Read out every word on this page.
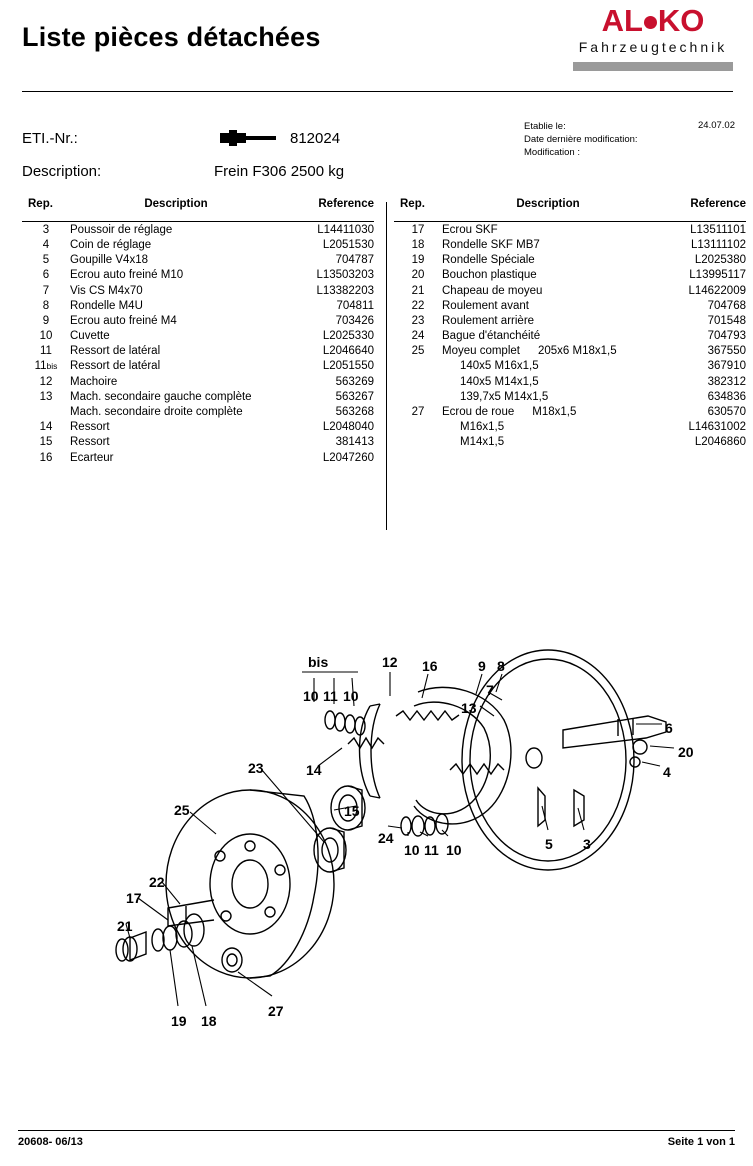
Liste pièces détachées	AL KO
Fahrzeugtechnik
ETI.-Nr.:	812024
Description:	Frein F306 2500 kg
Etablie le:
Date dernière modification:
Modification :
24.07.02
Rep.	Description	Reference

3	Poussoir de réglage	L14411030
4	Coin de réglage	L2051530
5	Goupille V4x18	704787
6	Ecrou auto freiné M10	L13503203
7	Vis CS M4x70	L13382203
8	Rondelle M4U	704811
9	Ecrou auto freiné M4	703426
10	Cuvette	L2025330
11	Ressort de latéral	L2046640
11bis	Ressort de latéral	L2051550
12	Machoire	563269
13	Mach. secondaire gauche complète	563267
	Mach. secondaire droite complète	563268
14	Ressort	L2048040
15	Ressort	381413
16	Ecarteur	L2047260
Rep.	Description	Reference

17	Ecrou SKF	L13511101
18	Rondelle SKF MB7	L13111102
19	Rondelle Spéciale	L2025380
20	Bouchon plastique	L13995117
21	Chapeau de moyeu	L14622009
22	Roulement avant	704768
23	Roulement arrière	701548
24	Bague d'étanchéité	704793
25	Moyeu complet 205x6 M18x1,5	367550
	140x5 M16x1,5	367910
	140x5 M14x1,5	382312
	139,7x5 M14x1,5	634836
27	Ecrou de roue M18x1,5	630570
	M16x1,5	L14631002
	M14x1,5	L2046860
bis
10 11 10
12 16	9 8
7
13
6
20
4
14
23
15
24
10 11 10	5 3
25
22
17
21
19 18
27
20608- 06/13	Seite 1 von 1
